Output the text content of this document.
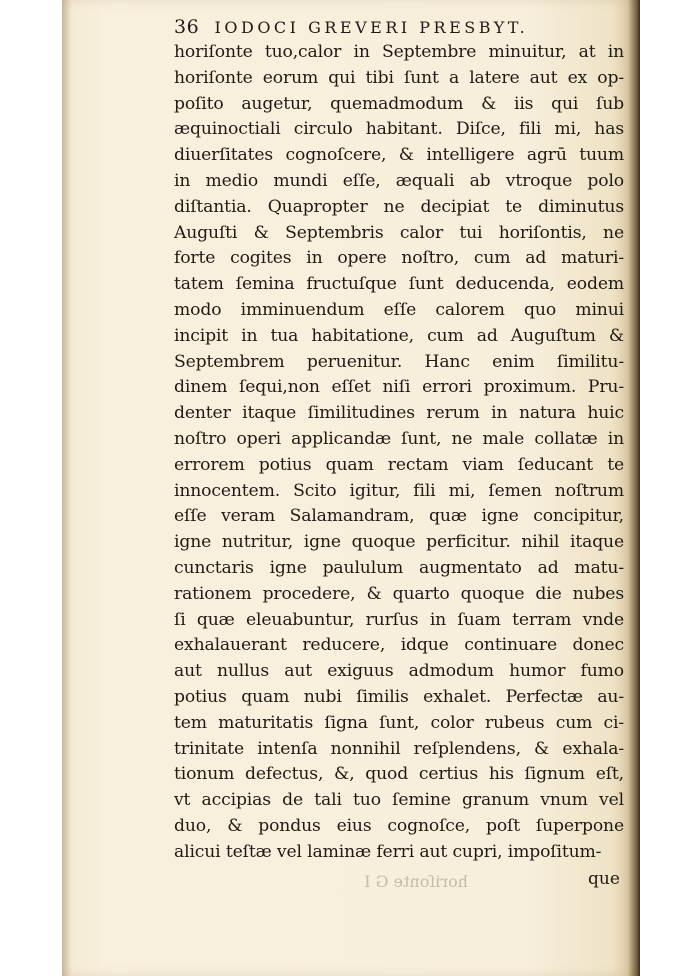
horiſonte G I
36 IODOCI GREVERI PRESBYT.
horiſonte tuo,calor in Septembre minuitur, at in
horiſonte eorum qui tibi ſunt a latere aut ex op-
poſito augetur, quemadmodum & iis qui ſub
æquinoctiali circulo habitant. Diſce, fili mi, has
diuerſitates cognoſcere, & intelligere agrū tuum
in medio mundi eſſe, æquali ab vtroque polo
diſtantia. Quapropter ne decipiat te diminutus
Auguſti & Septembris calor tui horiſontis, ne
forte cogites in opere noſtro, cum ad maturi-
tatem ſemina fructuſque ſunt deducenda, eodem
modo imminuendum eſſe calorem quo minui
incipit in tua habitatione, cum ad Auguſtum &
Septembrem peruenitur. Hanc enim ſimilitu-
dinem ſequi,non eſſet niſi errori proximum. Pru-
denter itaque ſimilitudines rerum in natura huic
noſtro operi applicandæ ſunt, ne male collatæ in
errorem potius quam rectam viam ſeducant te
innocentem. Scito igitur, fili mi, ſemen noſtrum
eſſe veram Salamandram, quæ igne concipitur,
igne nutritur, igne quoque perficitur. nihil itaque
cunctaris igne paululum augmentato ad matu-
rationem procedere, & quarto quoque die nubes
ſi quæ eleuabuntur, rurſus in ſuam terram vnde
exhalauerant reducere, idque continuare donec
aut nullus aut exiguus admodum humor fumo
potius quam nubi ſimilis exhalet. Perfectæ au-
tem maturitatis ſigna ſunt, color rubeus cum ci-
trinitate intenſa nonnihil reſplendens, & exhala-
tionum defectus, &, quod certius his ſignum eſt,
vt accipias de tali tuo ſemine granum vnum vel
duo, & pondus eius cognoſce, poſt ſuperpone
alicui teſtæ vel laminæ ferri aut cupri, impoſitum-
que
